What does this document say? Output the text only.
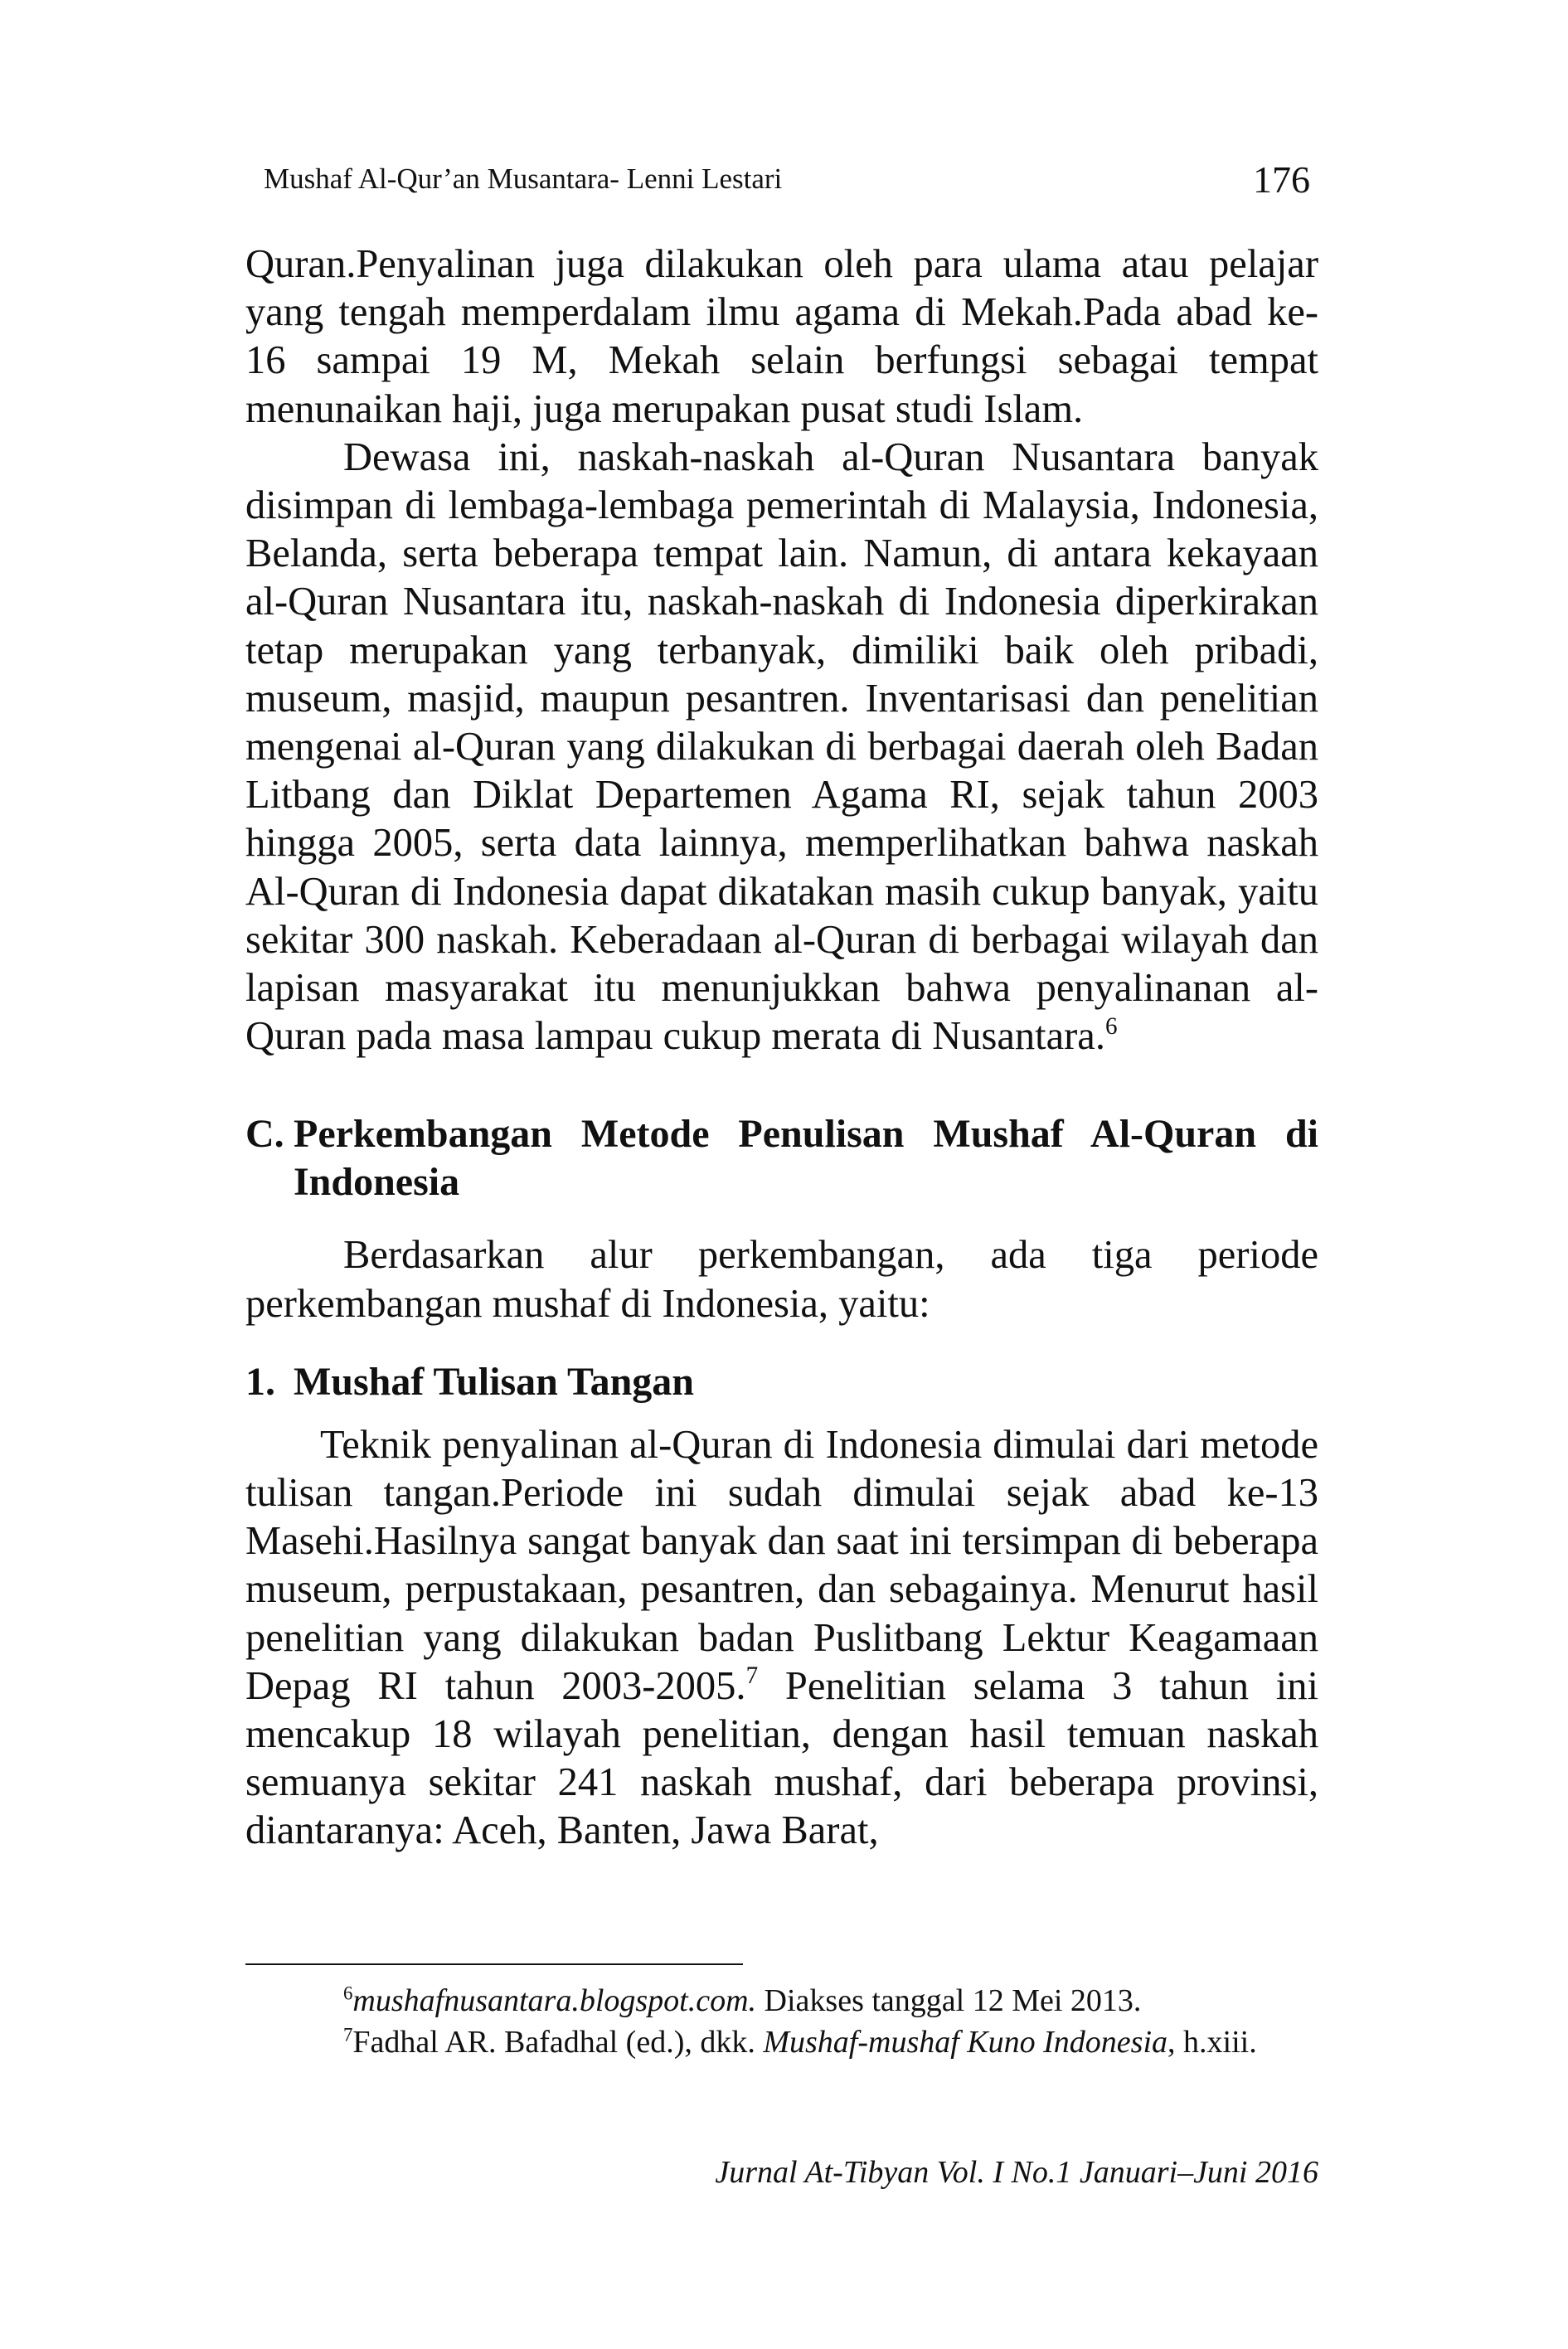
Mushaf Al-Qur’an Musantara- Lenni Lestari	176

Quran.Penyalinan juga dilakukan oleh para ulama atau pelajar yang tengah memperdalam ilmu agama di Mekah.Pada abad ke-16 sampai 19 M, Mekah selain berfungsi sebagai tempat menunaikan haji, juga merupakan pusat studi Islam.

Dewasa ini, naskah-naskah al-Quran Nusantara banyak disimpan di lembaga-lembaga pemerintah di Malaysia, Indonesia, Belanda, serta beberapa tempat lain. Namun, di antara kekayaan al-Quran Nusantara itu, naskah-naskah di Indonesia diperkirakan tetap merupakan yang terbanyak, dimiliki baik oleh pribadi, museum, masjid, maupun pesantren. Inventarisasi dan penelitian mengenai al-Quran yang dilakukan di berbagai daerah oleh Badan Litbang dan Diklat Departemen Agama RI, sejak tahun 2003 hingga 2005, serta data lainnya, memperlihatkan bahwa naskah Al-Quran di Indonesia dapat dikatakan masih cukup banyak, yaitu sekitar 300 naskah. Keberadaan al-Quran di berbagai wilayah dan lapisan masyarakat itu menunjukkan bahwa penyalinanan al-Quran pada masa lampau cukup merata di Nusantara.$^6$

C. Perkembangan Metode Penulisan Mushaf Al-Quran di Indonesia

Berdasarkan alur perkembangan, ada tiga periode perkembangan mushaf di Indonesia, yaitu:

1. Mushaf Tulisan Tangan

Teknik penyalinan al-Quran di Indonesia dimulai dari metode tulisan tangan.Periode ini sudah dimulai sejak abad ke-13 Masehi.Hasilnya sangat banyak dan saat ini tersimpan di beberapa museum, perpustakaan, pesantren, dan sebagainya. Menurut hasil penelitian yang dilakukan badan Puslitbang Lektur Keagamaan Depag RI tahun 2003-2005.$^7$ Penelitian selama 3 tahun ini mencakup 18 wilayah penelitian, dengan hasil temuan naskah semuanya sekitar 241 naskah mushaf, dari beberapa provinsi, diantaranya: Aceh, Banten, Jawa Barat,

$^6$mushafnusantara.blogspot.com. Diakses tanggal 12 Mei 2013.

$^7$Fadhal AR. Bafadhal (ed.), dkk. Mushaf-mushaf Kuno Indonesia, h.xiii.

Jurnal At-Tibyan Vol. I No.1 Januari–Juni 2016
